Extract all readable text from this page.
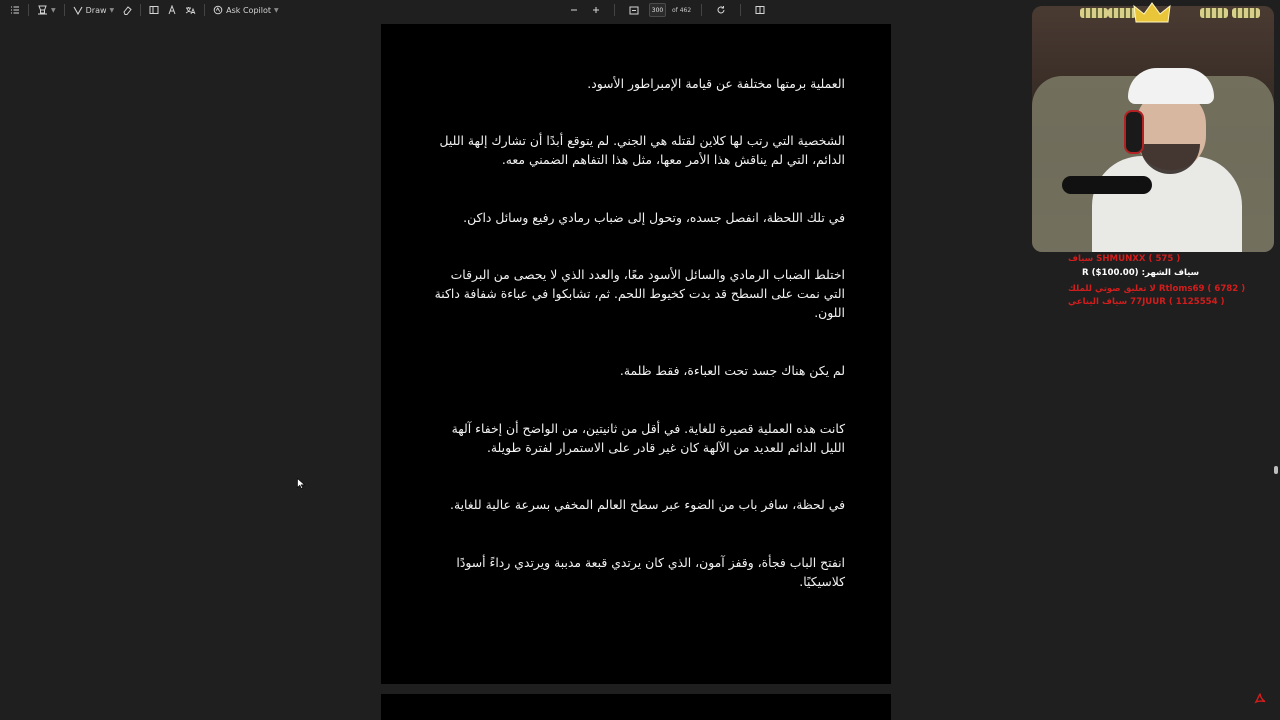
▼	Draw ▼	Ask Copilot ▼
300	of 462

العملية برمتها مختلفة عن قيامة الإمبراطور الأسود.

الشخصية التي رتب لها كلاين لقتله هي الجني. لم يتوقع أبدًا أن تشارك إلهة الليل الدائم، التي لم يناقش هذا الأمر معها، مثل هذا التفاهم الضمني معه.

في تلك اللحظة، انفصل جسده، وتحول إلى ضباب رمادي رفيع وسائل داكن.

اختلط الضباب الرمادي والسائل الأسود معًا، والعدد الذي لا يحصى من البرقات التي نمت على السطح قد بدت كخيوط اللحم. ثم، تشابكوا في عباءة شفافة داكنة اللون.

لم يكن هناك جسد تحت العباءة، فقط ظلمة.

كانت هذه العملية قصيرة للغاية. في أقل من ثانيتين، من الواضح أن إخفاء آلهة الليل الدائم للعديد من الآلهة كان غير قادر على الاستمرار لفترة طويلة.

في لحظة، سافر باب من الضوء عبر سطح العالم المخفي بسرعة عالية للغاية.

انفتح الباب فجأة، وقفز آمون، الذي كان يرتدي قبعة مدببة ويرتدي رداءً أسودًا كلاسيكيًا.

SHMUNXX ( 575 ) سياف
سياف الشهر: R ($100.00)
Rtloms69 ( 6782 ) لا تعليق صوتي للملك
77JUUR ( 1125554 ) سياف اليناعي
